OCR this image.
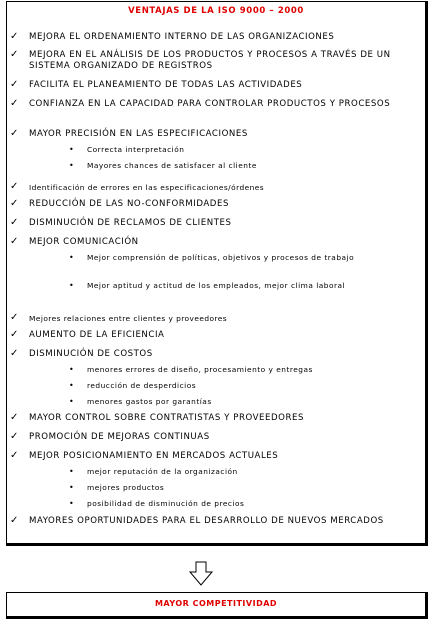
VENTAJAS DE LA ISO 9000 – 2000
✓ MEJORA EL ORDENAMIENTO INTERNO DE LAS ORGANIZACIONES
✓ MEJORA EN EL ANÁLISIS DE LOS PRODUCTOS Y PROCESOS A TRAVÉS DE UN SISTEMA ORGANIZADO DE REGISTROS
✓ FACILITA EL PLANEAMIENTO DE TODAS LAS ACTIVIDADES
✓ CONFIANZA EN LA CAPACIDAD PARA CONTROLAR PRODUCTOS Y PROCESOS
✓ MAYOR PRECISIÓN EN LAS ESPECIFICACIONES
• Correcta interpretación
• Mayores chances de satisfacer al cliente
✓ Identificación de errores en las especificaciones/órdenes
✓ REDUCCIÓN DE LAS NO-CONFORMIDADES
✓ DISMINUCIÓN DE RECLAMOS DE CLIENTES
✓ MEJOR COMUNICACIÓN
• Mejor comprensión de políticas, objetivos y procesos de trabajo
• Mejor aptitud y actitud de los empleados, mejor clima laboral
✓ Mejores relaciones entre clientes y proveedores
✓ AUMENTO DE LA EFICIENCIA
✓ DISMINUCIÓN DE COSTOS
• menores errores de diseño, procesamiento y entregas
• reducción de desperdicios
• menores gastos por garantías
✓ MAYOR CONTROL SOBRE CONTRATISTAS Y PROVEEDORES
✓ PROMOCIÓN DE MEJORAS CONTINUAS
✓ MEJOR POSICIONAMIENTO EN MERCADOS ACTUALES
• mejor reputación de la organización
• mejores productos
• posibilidad de disminución de precios
✓ MAYORES OPORTUNIDADES PARA EL DESARROLLO DE NUEVOS MERCADOS
MAYOR COMPETITIVIDAD
